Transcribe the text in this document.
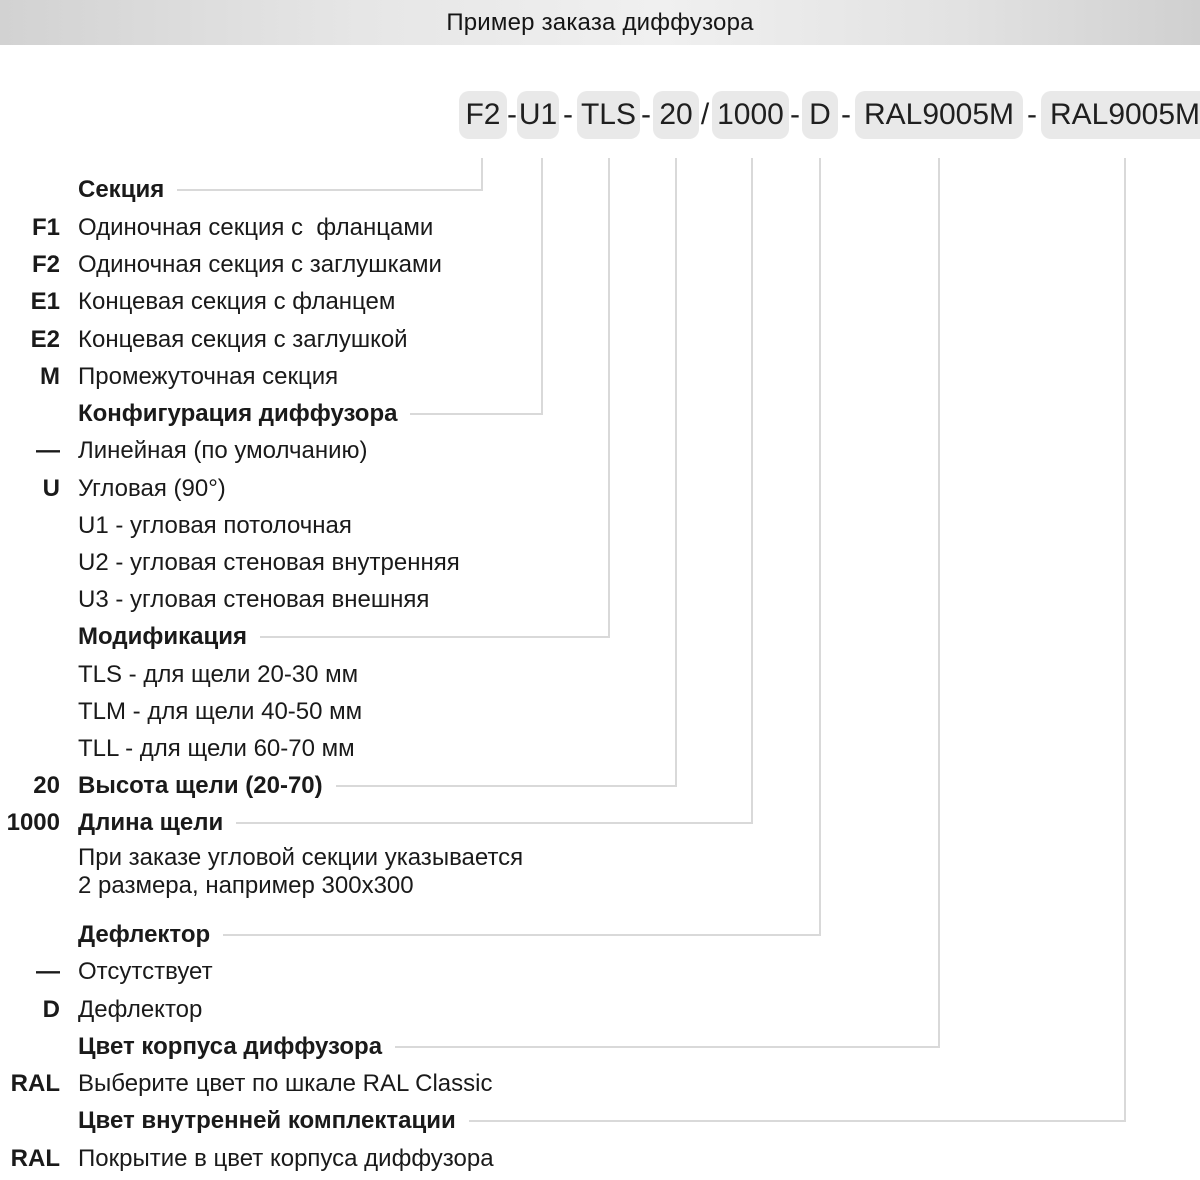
Пример заказа диффузора
F2 - U1 - TLS - 20 / 1000 - D - RAL9005M - RAL9005M
Секция
F1 Одиночная секция с  фланцами
F2 Одиночная секция с заглушками
E1 Концевая секция с фланцем
E2 Концевая секция с заглушкой
M Промежуточная секция
Конфигурация диффузора
— Линейная (по умолчанию)
U Угловая (90°)
U1 - угловая потолочная
U2 - угловая стеновая внутренняя
U3 - угловая стеновая внешняя
Модификация
TLS - для щели 20-30 мм
TLM - для щели 40-50 мм
TLL - для щели 60-70 мм
20 Высота щели (20-70)
1000 Длина щели
При заказе угловой секции указывается
2 размера, например 300x300
Дефлектор
— Отсутствует
D Дефлектор
Цвет корпуса диффузора
RAL Выберите цвет по шкале RAL Classic
Цвет внутренней комплектации
RAL Покрытие в цвет корпуса диффузора
